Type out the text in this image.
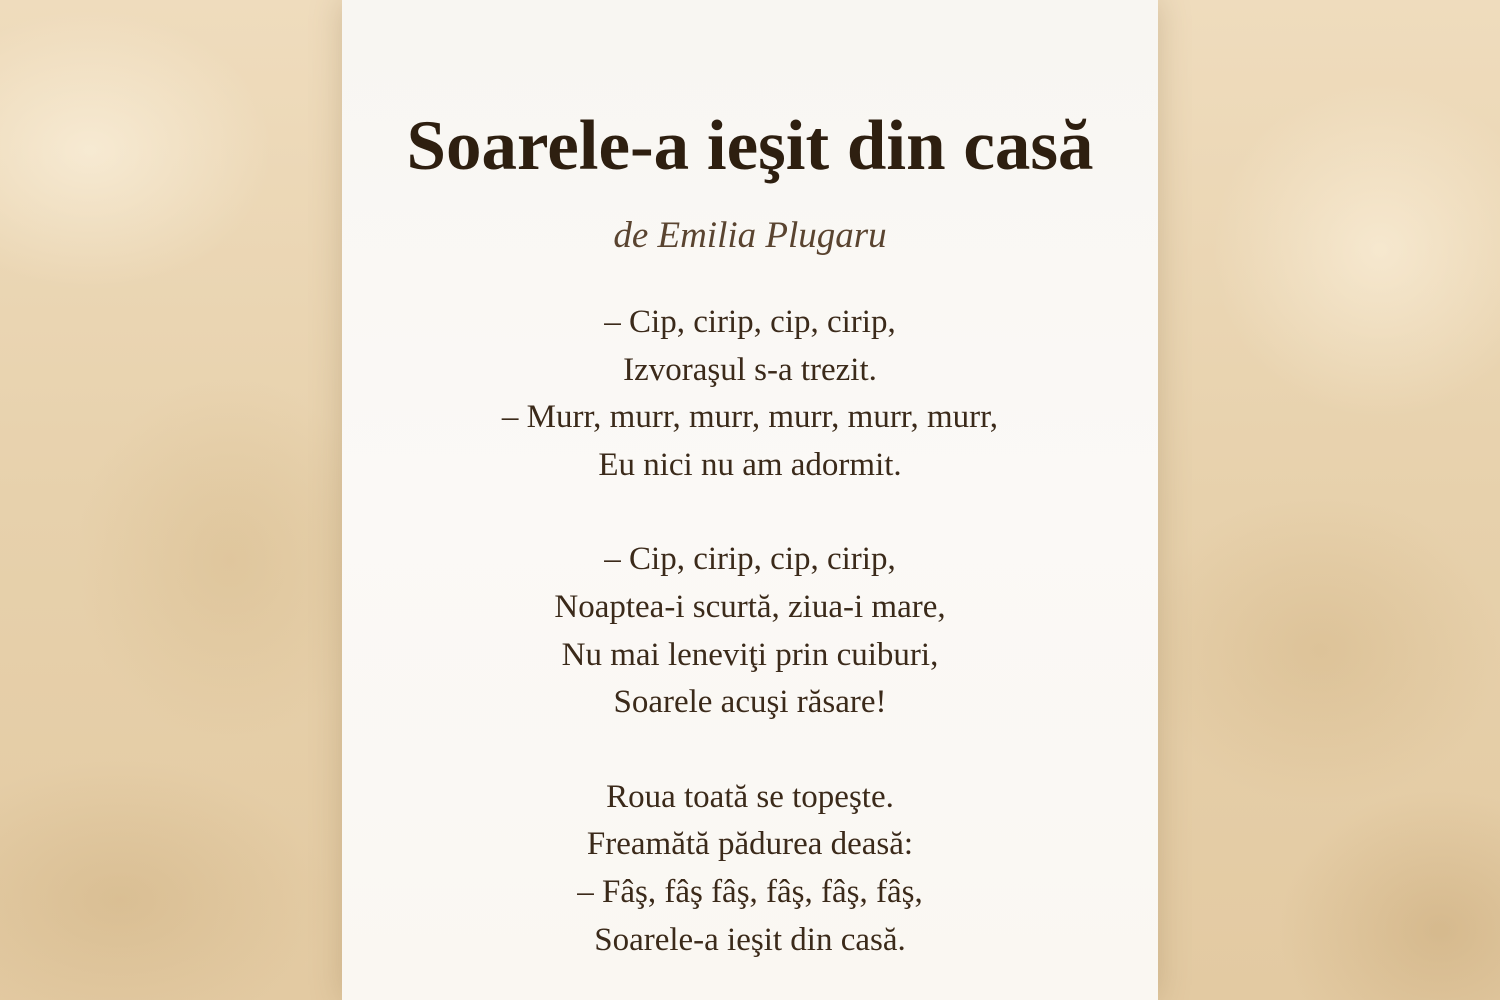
Soarele-a ieşit din casă

de Emilia Plugaru

– Cip, cirip, cip, cirip,
Izvoraşul s-a trezit.
– Murr, murr, murr, murr, murr, murr,
Eu nici nu am adormit.
– Cip, cirip, cip, cirip,
Noaptea-i scurtă, ziua-i mare,
Nu mai leneviţi prin cuiburi,
Soarele acuşi răsare!
Roua toată se topeşte.
Freamătă pădurea deasă:
– Fâş, fâş fâş, fâş, fâş, fâş,
Soarele-a ieşit din casă.
